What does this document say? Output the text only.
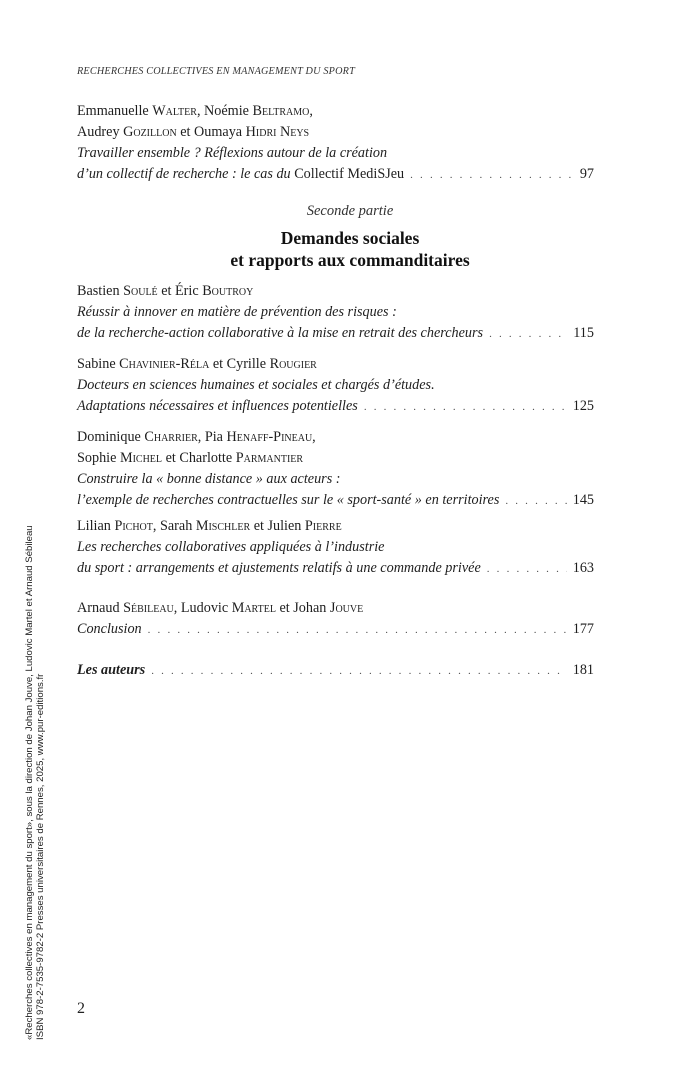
RECHERCHES COLLECTIVES EN MANAGEMENT DU SPORT
Emmanuelle Walter, Noémie Beltramo,
Audrey Gozillon et Oumaya Hidri Neys
Travailler ensemble ? Réflexions autour de la création
d’un collectif de recherche : le cas du Collectif MediSJeu . . .	97
Seconde partie
Demandes sociales
et rapports aux commanditaires
Bastien Soulé et Éric Boutroy
Réussir à innover en matière de prévention des risques :
de la recherche-action collaborative à la mise en retrait des chercheurs . . .	115
Sabine Chavinier-Réla et Cyrille Rougier
Docteurs en sciences humaines et sociales et chargés d’études.
Adaptations nécessaires et influences potentielles . . .	125
Dominique Charrier, Pia Henaff-Pineau,
Sophie Michel et Charlotte Parmantier
Construire la « bonne distance » aux acteurs :
l’exemple de recherches contractuelles sur le « sport-santé » en territoires . . .	145
Lilian Pichot, Sarah Mischler et Julien Pierre
Les recherches collaboratives appliquées à l’industrie
du sport : arrangements et ajustements relatifs à une commande privée . . .	163
Arnaud Sébileau, Ludovic Martel et Johan Jouve
Conclusion . . .	177
Les auteurs . . .	181
2
«Recherches collectives en management du sport», sous la direction de Johan Jouve, Ludovic Martel et Arnaud Sébileau ISBN 978-2-7535-9782-2 Presses universitaires de Rennes, 2025, www.pur-editions.fr
